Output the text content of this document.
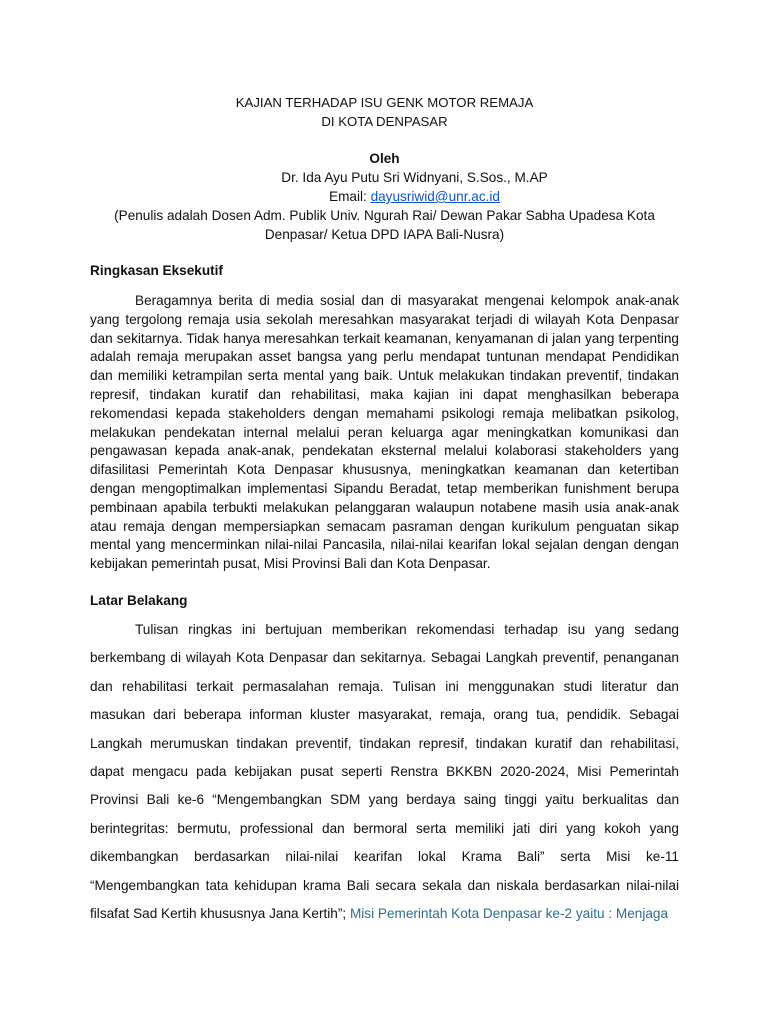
KAJIAN TERHADAP ISU GENK MOTOR REMAJA
DI KOTA DENPASAR

Oleh
Dr. Ida Ayu Putu Sri Widnyani, S.Sos., M.AP
Email: dayusriwid@unr.ac.id
(Penulis adalah Dosen Adm. Publik Univ. Ngurah Rai/ Dewan Pakar Sabha Upadesa Kota Denpasar/ Ketua DPD IAPA Bali-Nusra)

Ringkasan Eksekutif

Beragamnya berita di media sosial dan di masyarakat mengenai kelompok anak-anak yang tergolong remaja usia sekolah meresahkan masyarakat terjadi di wilayah Kota Denpasar dan sekitarnya. Tidak hanya meresahkan terkait keamanan, kenyamanan di jalan yang terpenting adalah remaja merupakan asset bangsa yang perlu mendapat tuntunan mendapat Pendidikan dan memiliki ketrampilan serta mental yang baik. Untuk melakukan tindakan preventif, tindakan represif, tindakan kuratif dan rehabilitasi, maka kajian ini dapat menghasilkan beberapa rekomendasi kepada stakeholders dengan memahami psikologi remaja melibatkan psikolog, melakukan pendekatan internal melalui peran keluarga agar meningkatkan komunikasi dan pengawasan kepada anak-anak, pendekatan eksternal melalui kolaborasi stakeholders yang difasilitasi Pemerintah Kota Denpasar khususnya, meningkatkan keamanan dan ketertiban dengan mengoptimalkan implementasi Sipandu Beradat, tetap memberikan funishment berupa pembinaan apabila terbukti melakukan pelanggaran walaupun notabene masih usia anak-anak atau remaja dengan mempersiapkan semacam pasraman dengan kurikulum penguatan sikap mental yang mencerminkan nilai-nilai Pancasila, nilai-nilai kearifan lokal sejalan dengan dengan kebijakan pemerintah pusat, Misi Provinsi Bali dan Kota Denpasar.

Latar Belakang

Tulisan ringkas ini bertujuan memberikan rekomendasi terhadap isu yang sedang berkembang di wilayah Kota Denpasar dan sekitarnya. Sebagai Langkah preventif, penanganan dan rehabilitasi terkait permasalahan remaja. Tulisan ini menggunakan studi literatur dan masukan dari beberapa informan kluster masyarakat, remaja, orang tua, pendidik. Sebagai Langkah merumuskan tindakan preventif, tindakan represif, tindakan kuratif dan rehabilitasi, dapat mengacu pada kebijakan pusat seperti Renstra BKKBN 2020-2024, Misi Pemerintah Provinsi Bali ke-6 “Mengembangkan SDM yang berdaya saing tinggi yaitu berkualitas dan berintegritas: bermutu, professional dan bermoral serta memiliki jati diri yang kokoh yang dikembangkan berdasarkan nilai-nilai kearifan lokal Krama Bali” serta Misi ke-11 “Mengembangkan tata kehidupan krama Bali secara sekala dan niskala berdasarkan nilai-nilai filsafat Sad Kertih khususnya Jana Kertih”; Misi Pemerintah Kota Denpasar ke-2 yaitu : Menjaga
